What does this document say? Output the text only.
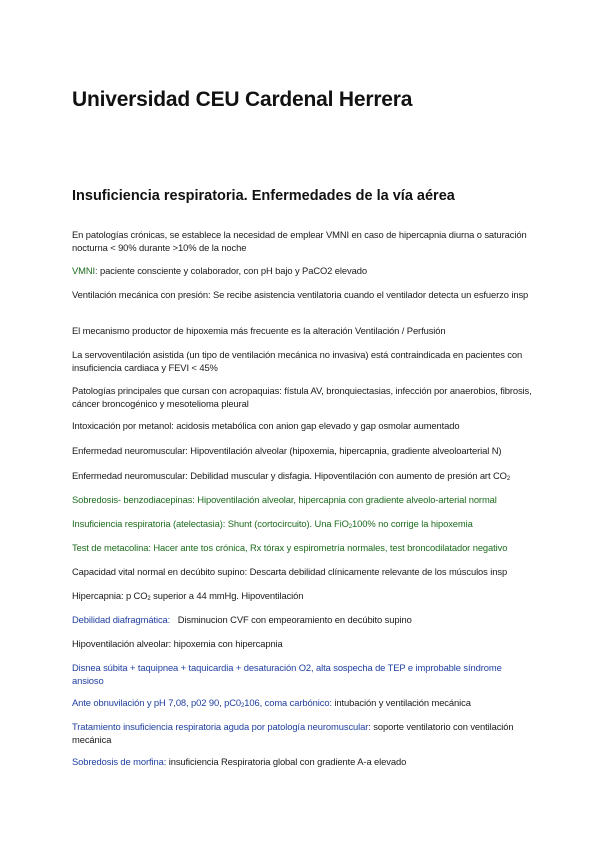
Universidad CEU Cardenal Herrera
Insuficiencia respiratoria. Enfermedades de la vía aérea

En patologías crónicas, se establece la necesidad de emplear VMNI en caso de hipercapnia diurna o saturación nocturna < 90% durante >10% de la noche

VMNI: paciente consciente y colaborador, con pH bajo y PaCO2 elevado

Ventilación mecánica con presión: Se recibe asistencia ventilatoria cuando el ventilador detecta un esfuerzo insp

El mecanismo productor de hipoxemia más frecuente es la alteración Ventilación / Perfusión

La servoventilación asistida (un tipo de ventilación mecánica no invasiva) está contraindicada en pacientes con insuficiencia cardiaca y FEVI < 45%

Patologías principales que cursan con acropaquias: fístula AV, bronquiectasias, infección por anaerobios, fibrosis, cáncer broncogénico y mesotelioma pleural

Intoxicación por metanol: acidosis metabólica con anion gap elevado y gap osmolar aumentado

Enfermedad neuromuscular: Hipoventilación alveolar (hipoxemia, hipercapnia, gradiente alveoloarterial N)

Enfermedad neuromuscular: Debilidad muscular y disfagia. Hipoventilación con aumento de presión art CO2

Sobredosis- benzodiacepinas: Hipoventilación alveolar, hipercapnia con gradiente alveolo-arterial normal

Insuficiencia respiratoria (atelectasia): Shunt (cortocircuito). Una FiO2100% no corrige la hipoxemia

Test de metacolina: Hacer ante tos crónica, Rx tórax y espirometría normales, test broncodilatador negativo

Capacidad vital normal en decúbito supino: Descarta debilidad clínicamente relevante de los músculos insp

Hipercapnia: p CO2 superior a 44 mmHg. Hipoventilación

Debilidad diafragmática:   Disminucion CVF con empeoramiento en decúbito supino

Hipoventilación alveolar: hipoxemia con hipercapnia

Disnea súbita + taquipnea + taquicardia + desaturación O2, alta sospecha de TEP e improbable síndrome ansioso

Ante obnuvilación y pH 7,08, p02 90, pC02106, coma carbónico: intubación y ventilación mecánica

Tratamiento insuficiencia respiratoria aguda por patología neuromuscular: soporte ventilatorio con ventilación mecánica

Sobredosis de morfina: insuficiencia Respiratoria global con gradiente A-a elevado
